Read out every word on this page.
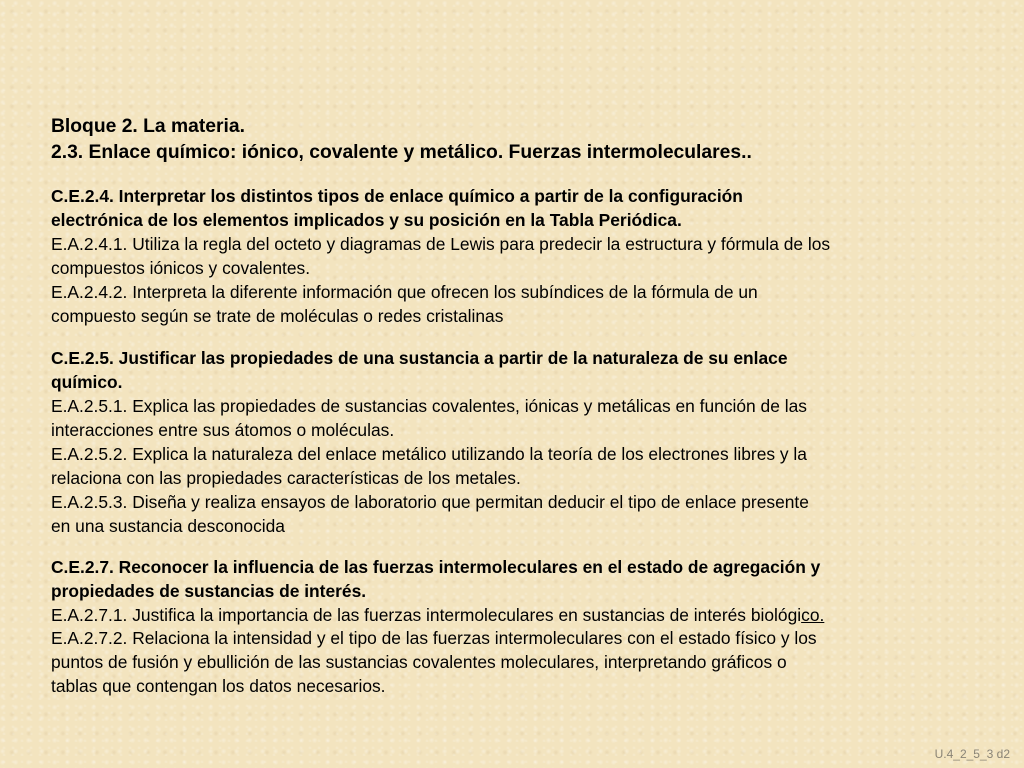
Bloque 2. La materia.
2.3. Enlace químico: iónico, covalente y metálico. Fuerzas intermoleculares..
C.E.2.4. Interpretar los distintos tipos de enlace químico a partir de la configuración
electrónica de los elementos implicados y su posición en la Tabla Periódica.
E.A.2.4.1. Utiliza la regla del octeto y diagramas de Lewis para predecir la estructura y fórmula de los
compuestos iónicos y covalentes.
E.A.2.4.2. Interpreta la diferente información que ofrecen los subíndices de la fórmula de un
compuesto según se trate de moléculas o redes cristalinas
C.E.2.5. Justificar las propiedades de una sustancia a partir de la naturaleza de su enlace
químico.
E.A.2.5.1. Explica las propiedades de sustancias covalentes, iónicas y metálicas en función de las
interacciones entre sus átomos o moléculas.
E.A.2.5.2. Explica la naturaleza del enlace metálico utilizando la teoría de los electrones libres y la
relaciona con las propiedades características de los metales.
E.A.2.5.3. Diseña y realiza ensayos de laboratorio que permitan deducir el tipo de enlace presente
en una sustancia desconocida
C.E.2.7. Reconocer la influencia de las fuerzas intermoleculares en el estado de agregación y
propiedades de sustancias de interés.
E.A.2.7.1. Justifica la importancia de las fuerzas intermoleculares en sustancias de interés biológico.
E.A.2.7.2. Relaciona la intensidad y el tipo de las fuerzas intermoleculares con el estado físico y los
puntos de fusión y ebullición de las sustancias covalentes moleculares, interpretando gráficos o
tablas que contengan los datos necesarios.
U.4_2_5_3 d2
